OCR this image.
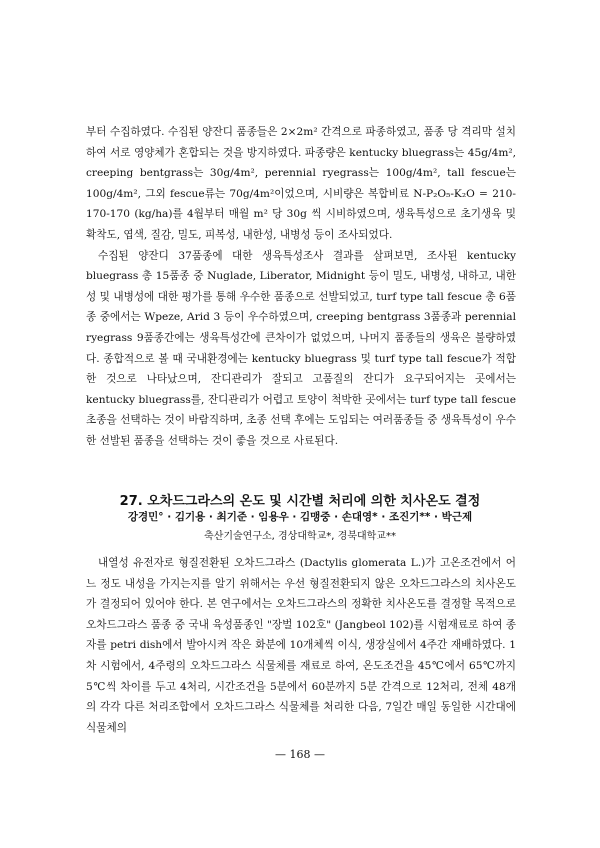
부터 수집하였다. 수집된 양잔디 품종들은 2×2m² 간격으로 파종하였고, 품종 당 격리막 설치하여 서로 영양체가 혼합되는 것을 방지하였다. 파종량은 kentucky bluegrass는 45g/4m², creeping bentgrass는 30g/4m², perennial ryegrass는 100g/4m², tall fescue는 100g/4m², 그외 fescue류는 70g/4m²이었으며, 시비량은 복합비료 N-P₂O₅-K₂O = 210-170-170 (kg/ha)를 4월부터 매월 m² 당 30g 씩 시비하였으며, 생육특성으로 초기생육 및 확착도, 엽색, 질감, 밀도, 피복성, 내한성, 내병성 등이 조사되었다.

수집된 양잔디 37품종에 대한 생육특성조사 결과를 살펴보면, 조사된 kentucky bluegrass 총 15품종 중 Nuglade, Liberator, Midnight 등이 밀도, 내병성, 내하고, 내한성 및 내병성에 대한 평가를 통해 우수한 품종으로 선발되었고, turf type tall fescue 총 6품종 중에서는 Wpeze, Arid 3 등이 우수하였으며, creeping bentgrass 3품종과 perennial ryegrass 9품종간에는 생육특성간에 큰차이가 없었으며, 나머지 품종들의 생육은 불량하였다. 종합적으로 볼 때 국내환경에는 kentucky bluegrass 및 turf type tall fescue가 적합한 것으로 나타났으며, 잔디관리가 잘되고 고품질의 잔디가 요구되어지는 곳에서는 kentucky bluegrass를, 잔디관리가 어렵고 토양이 척박한 곳에서는 turf type tall fescue 초종을 선택하는 것이 바람직하며, 초종 선택 후에는 도입되는 여러품종들 중 생육특성이 우수한 선발된 품종을 선택하는 것이 좋을 것으로 사료된다.

27. 오차드그라스의 온도 및 시간별 처리에 의한 치사온도 결정
강경민° · 김기용 · 최기준 · 임용우 · 김맹중 · 손대영* · 조진기** · 박근제
축산기술연구소, 경상대학교*, 경북대학교**

내열성 유전자로 형질전환된 오차드그라스 (Dactylis glomerata L.)가 고온조건에서 어느 정도 내성을 가지는지를 알기 위해서는 우선 형질전환되지 않은 오차드그라스의 치사온도가 결정되어 있어야 한다. 본 연구에서는 오차드그라스의 정확한 치사온도를 결정할 목적으로 오차드그라스 품종 중 국내 육성품종인 "장벌 102호" (Jangbeol 102)를 시험재료로 하여 종자를 petri dish에서 발아시켜 작은 화분에 10개체씩 이식, 생장실에서 4주간 재배하였다. 1차 시험에서, 4주령의 오차드그라스 식물체를 재료로 하여, 온도조건을 45℃에서 65℃까지 5℃씩 차이를 두고 4처리, 시간조건을 5분에서 60분까지 5분 간격으로 12처리, 전체 48개의 각각 다른 처리조합에서 오차드그라스 식물체를 처리한 다음, 7일간 매일 동일한 시간대에 식물체의

— 168 —
